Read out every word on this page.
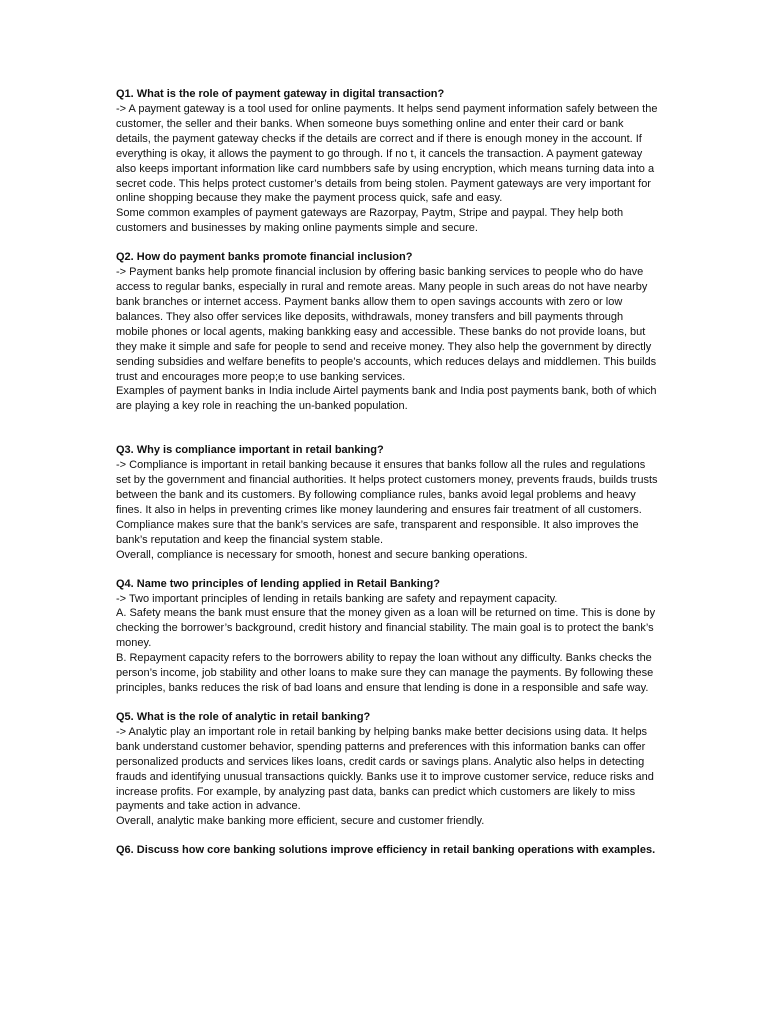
Q1. What is the role of payment gateway in digital transaction?

-> A payment gateway is a tool used for online payments. It helps send payment information safely between the customer, the seller and their banks. When someone buys something online and enter their card or bank details, the payment gateway checks if the details are correct and if there is enough money in the account. If everything is okay, it allows the payment to go through. If no t, it cancels the transaction. A payment gateway also keeps important information like card numbbers safe by using encryption, which means turning data into a secret code. This helps protect customer’s details from being stolen. Payment gateways are very important for online shopping because they make the payment process quick, safe and easy.

Some common examples of payment gateways are Razorpay, Paytm, Stripe and paypal. They help both customers and businesses by making online payments simple and secure.

Q2. How do payment banks promote financial inclusion?

-> Payment banks help promote financial inclusion by offering basic banking services to people who do have access to regular banks, especially in rural and remote areas. Many people in such areas do not have nearby bank branches or internet access. Payment banks allow them to open savings accounts with zero or low balances. They also offer services like deposits, withdrawals, money transfers and bill payments through mobile phones or local agents, making bankking easy and accessible. These banks do not provide loans, but they make it simple and safe for people to send and receive money. They also help the government by directly sending subsidies and welfare benefits to people’s accounts, which reduces delays and middlemen. This builds trust and encourages more peop;e to use banking services.

Examples of payment banks in India include Airtel payments bank and India post payments bank, both of which are playing a key role in reaching the un-banked population.

Q3. Why is compliance important in retail banking?

-> Compliance is important in retail banking because it ensures that banks follow all the rules and regulations set by the government and financial authorities. It helps protect customers money, prevents frauds, builds trusts between the bank and its customers. By following compliance rules, banks avoid legal problems and heavy fines. It also in helps in preventing crimes like money laundering and ensures fair treatment of all customers. Compliance makes sure that the bank’s services are safe, transparent and responsible. It also improves the bank’s reputation and keep the financial system stable.

Overall, compliance is necessary for smooth, honest and secure banking operations.

Q4. Name two principles of lending applied in Retail Banking?

-> Two important principles of lending in retails banking are safety and repayment capacity.

A. Safety means the bank must ensure that the money given as a loan will be returned on time. This is done by checking the borrower’s background, credit history and financial stability. The main goal is to protect the bank’s money.

B. Repayment capacity refers to the borrowers ability to repay the loan without any difficulty. Banks checks the person’s income, job stability and other loans to make sure they can manage the payments. By following these principles, banks reduces the risk of bad loans and ensure that lending is done in a responsible and safe way.

Q5. What is the role of analytic in retail banking?

-> Analytic play an important role in retail banking by helping banks make better decisions using data. It helps bank understand customer behavior, spending patterns and preferences with this information banks can offer personalized products and services likes loans, credit cards or savings plans. Analytic also helps in detecting frauds and identifying unusual transactions quickly. Banks use it to improve customer service, reduce risks and increase profits. For example, by analyzing past data, banks can predict which customers are likely to miss payments and take action in advance.

Overall, analytic make banking more efficient, secure and customer friendly.

Q6. Discuss how core banking solutions improve efficiency in retail banking operations with examples.
